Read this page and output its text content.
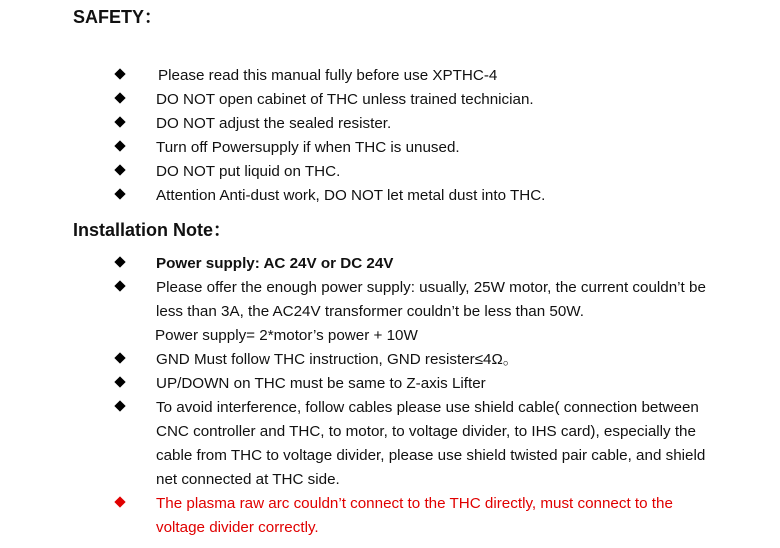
SAFETY：
Please read this manual fully before use XPTHC-4
DO NOT open cabinet of THC unless trained technician.
DO NOT adjust the sealed resister.
Turn off Powersupply if when THC is unused.
DO NOT put liquid on THC.
Attention Anti-dust work, DO NOT let metal dust into THC.
Installation Note：
Power supply: AC 24V or DC 24V
Please offer the enough power supply: usually, 25W motor, the current couldn’t be
less than 3A, the AC24V transformer couldn’t be less than 50W.
Power supply= 2*motor’s power + 10W
GND Must follow THC instruction, GND resister≤4Ω。
UP/DOWN on THC must be same to Z-axis Lifter
To avoid interference, follow cables please use shield cable( connection between
CNC controller and THC, to motor, to voltage divider, to IHS card), especially the
cable from THC to voltage divider, please use shield twisted pair cable, and shield
net connected at THC side.
The plasma raw arc couldn’t connect to the THC directly, must connect to the
voltage divider correctly.
